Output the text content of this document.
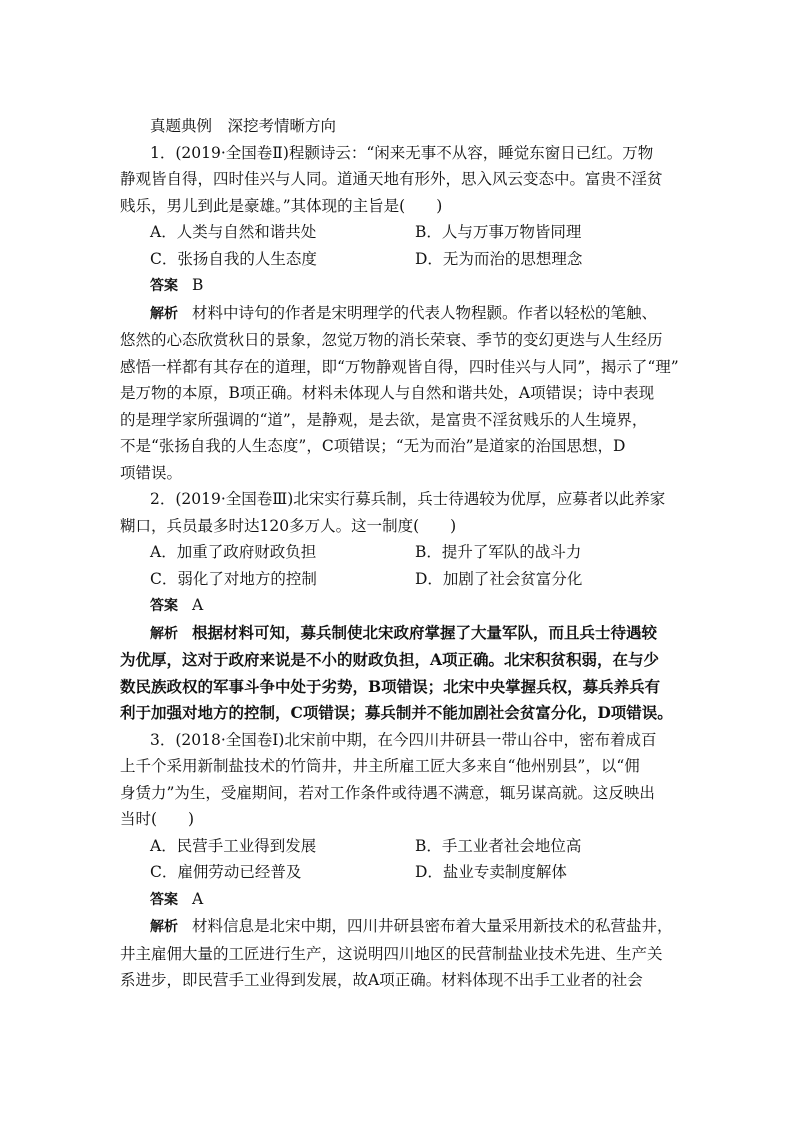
真题典例　深挖考情晰方向

1．(2019·全国卷Ⅱ)程颢诗云：“闲来无事不从容，睡觉东窗日已红。万物

静观皆自得，四时佳兴与人同。道通天地有形外，思入风云变态中。富贵不淫贫

贱乐，男儿到此是豪雄。”其体现的主旨是(　　)

A．人类与自然和谐共处	B．人与万事万物皆同理
C．张扬自我的人生态度	D．无为而治的思想理念

答案 B

解析 材料中诗句的作者是宋明理学的代表人物程颢。作者以轻松的笔触、

悠然的心态欣赏秋日的景象，忽觉万物的消长荣衰、季节的变幻更迭与人生经历

感悟一样都有其存在的道理，即“万物静观皆自得，四时佳兴与人同”，揭示了“理”

是万物的本原，B项正确。材料未体现人与自然和谐共处，A项错误；诗中表现

的是理学家所强调的“道”，是静观，是去欲，是富贵不淫贫贱乐的人生境界，

不是“张扬自我的人生态度”，C项错误；“无为而治”是道家的治国思想，D

项错误。

2．(2019·全国卷Ⅲ)北宋实行募兵制，兵士待遇较为优厚，应募者以此养家

糊口，兵员最多时达120多万人。这一制度(　　)

A．加重了政府财政负担	B．提升了军队的战斗力
C．弱化了对地方的控制	D．加剧了社会贫富分化

答案 A

解析 根据材料可知，募兵制使北宋政府掌握了大量军队，而且兵士待遇较

为优厚，这对于政府来说是不小的财政负担，A项正确。北宋积贫积弱，在与少

数民族政权的军事斗争中处于劣势，B项错误；北宋中央掌握兵权，募兵养兵有

利于加强对地方的控制，C项错误；募兵制并不能加剧社会贫富分化，D项错误。

3．(2018·全国卷Ⅰ)北宋前中期，在今四川井研县一带山谷中，密布着成百

上千个采用新制盐技术的竹筒井，井主所雇工匠大多来自“他州别县”，以“佣

身赁力”为生，受雇期间，若对工作条件或待遇不满意，辄另谋高就。这反映出

当时(　　)

A．民营手工业得到发展	B．手工业者社会地位高
C．雇佣劳动已经普及	D．盐业专卖制度解体

答案 A

解析 材料信息是北宋中期，四川井研县密布着大量采用新技术的私营盐井，

井主雇佣大量的工匠进行生产，这说明四川地区的民营制盐业技术先进、生产关

系进步，即民营手工业得到发展，故A项正确。材料体现不出手工业者的社会
